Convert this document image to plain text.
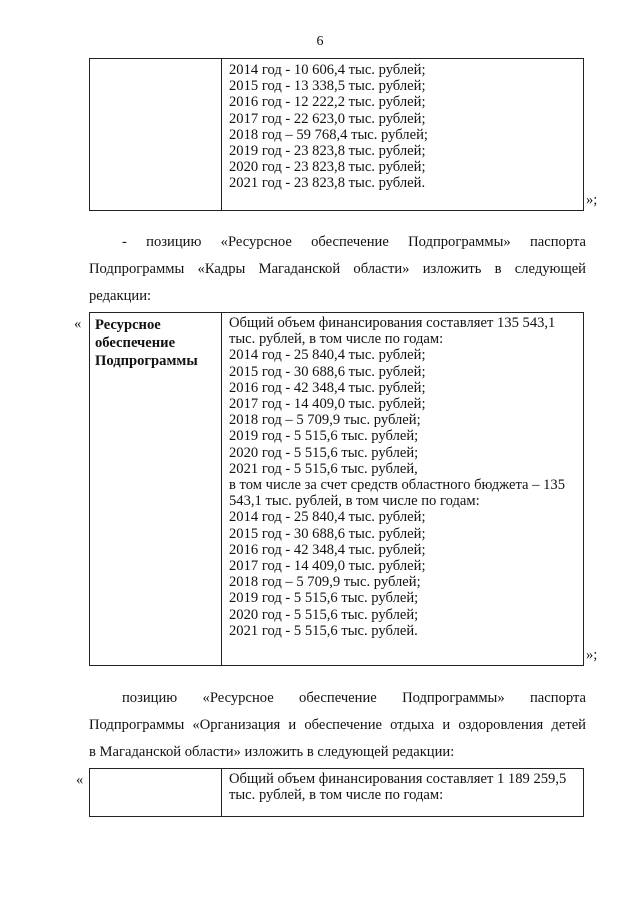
6
2014 год - 10 606,4 тыс. рублей;
2015 год - 13 338,5 тыс. рублей;
2016 год - 12 222,2 тыс. рублей;
2017 год - 22 623,0 тыс. рублей;
2018 год – 59 768,4 тыс. рублей;
2019 год - 23 823,8 тыс. рублей;
2020 год - 23 823,8 тыс. рублей;
2021 год - 23 823,8 тыс. рублей.
»;
- позицию «Ресурсное обеспечение Подпрограммы» паспорта
Подпрограммы «Кадры Магаданской области» изложить в следующей
редакции:
« Ресурсное
обеспечение
Подпрограммы
Общий объем финансирования составляет 135 543,1
тыс. рублей, в том числе по годам:
2014 год - 25 840,4 тыс. рублей;
2015 год - 30 688,6 тыс. рублей;
2016 год - 42 348,4 тыс. рублей;
2017 год - 14 409,0 тыс. рублей;
2018 год – 5 709,9 тыс. рублей;
2019 год - 5 515,6 тыс. рублей;
2020 год - 5 515,6 тыс. рублей;
2021 год - 5 515,6 тыс. рублей,
в том числе за счет средств областного бюджета – 135
543,1 тыс. рублей, в том числе по годам:
2014 год - 25 840,4 тыс. рублей;
2015 год - 30 688,6 тыс. рублей;
2016 год - 42 348,4 тыс. рублей;
2017 год - 14 409,0 тыс. рублей;
2018 год – 5 709,9 тыс. рублей;
2019 год - 5 515,6 тыс. рублей;
2020 год - 5 515,6 тыс. рублей;
2021 год - 5 515,6 тыс. рублей.
»;
позицию «Ресурсное обеспечение Подпрограммы» паспорта
Подпрограммы «Организация и обеспечение отдыха и оздоровления детей
в Магаданской области» изложить в следующей редакции:
«	Общий объем финансирования составляет 1 189 259,5
тыс. рублей, в том числе по годам:
